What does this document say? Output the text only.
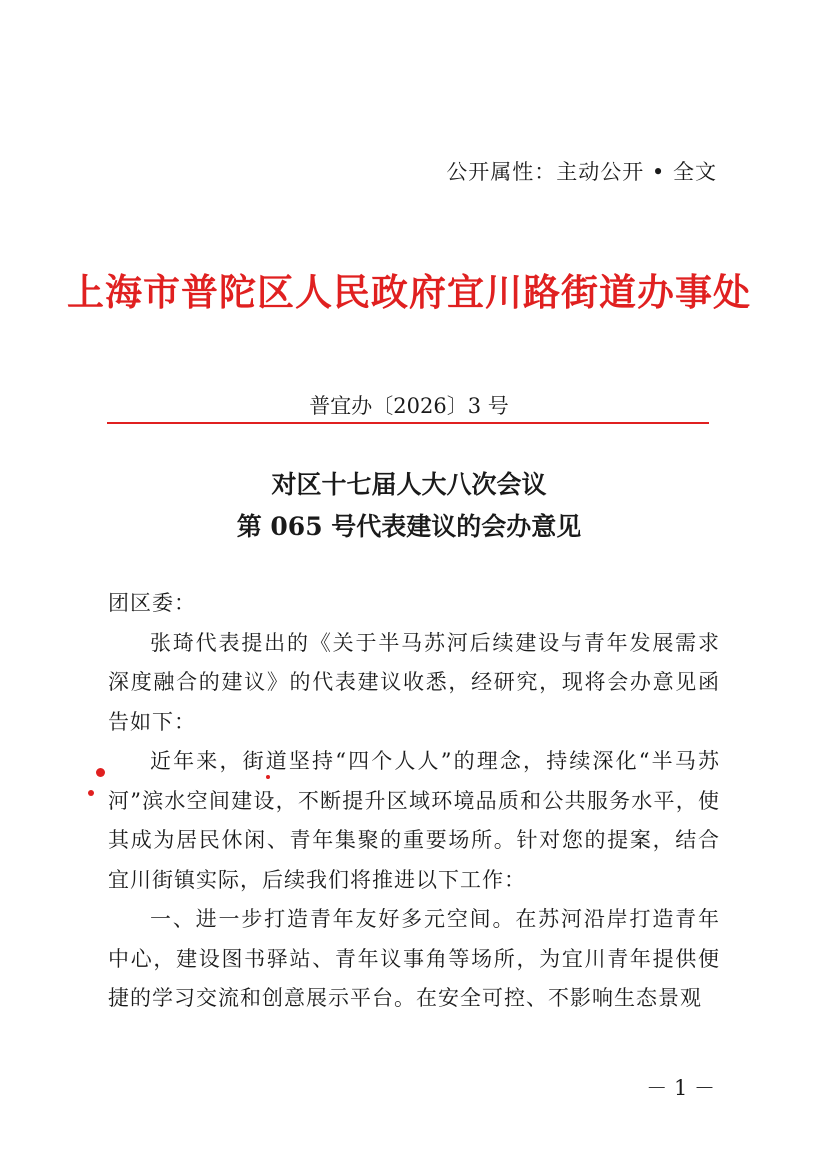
公开属性：主动公开 • 全文
上海市普陀区人民政府宜川路街道办事处
普宜办〔2026〕3 号
对区十七届人大八次会议
第 065 号代表建议的会办意见

团区委：

张琦代表提出的《关于半马苏河后续建设与青年发展需求深度融合的建议》的代表建议收悉，经研究，现将会办意见函告如下：

近年来，街道坚持“四个人人”的理念，持续深化“半马苏河”滨水空间建设，不断提升区域环境品质和公共服务水平，使其成为居民休闲、青年集聚的重要场所。针对您的提案，结合宜川街镇实际，后续我们将推进以下工作：

一、进一步打造青年友好多元空间。在苏河沿岸打造青年中心，建设图书驿站、青年议事角等场所，为宜川青年提供便捷的学习交流和创意展示平台。在安全可控、不影响生态景观

－ 1 －
